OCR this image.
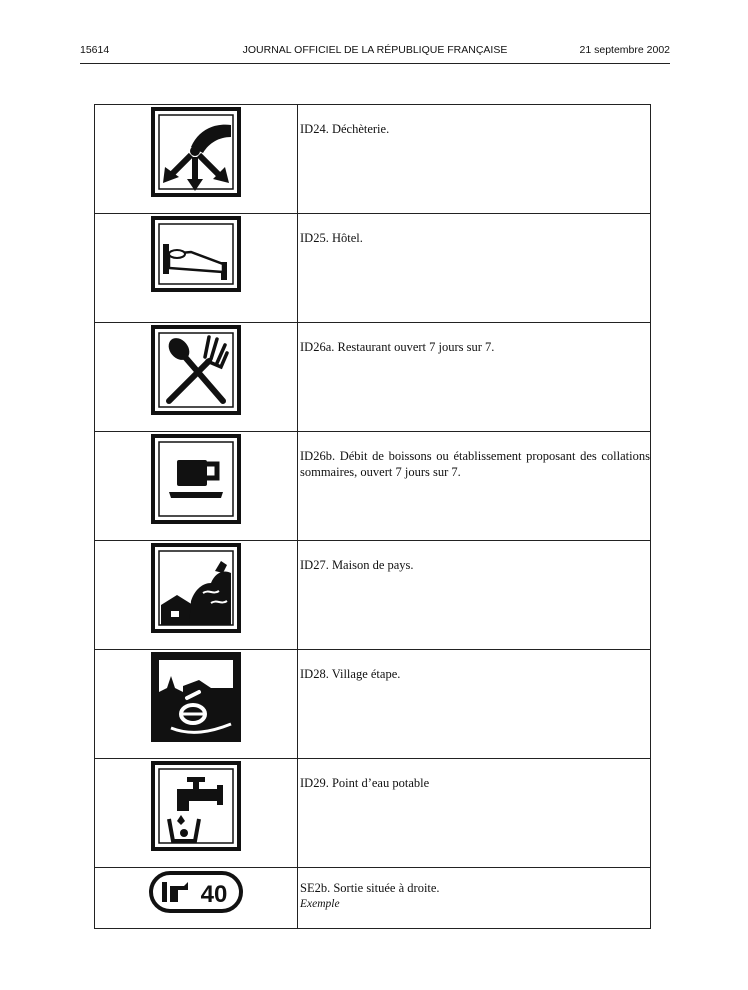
15614	JOURNAL OFFICIEL DE LA RÉPUBLIQUE FRANÇAISE	21 septembre 2002
	ID24. Déchèterie.
	ID25. Hôtel.
	ID26a. Restaurant ouvert 7 jours sur 7.
	ID26b. Débit de boissons ou établissement proposant des collations sommaires, ouvert 7 jours sur 7.
	ID27. Maison de pays.
	ID28. Village étape.
	ID29. Point d’eau potable

40	SE2b. Sortie située à droite.
Exemple
